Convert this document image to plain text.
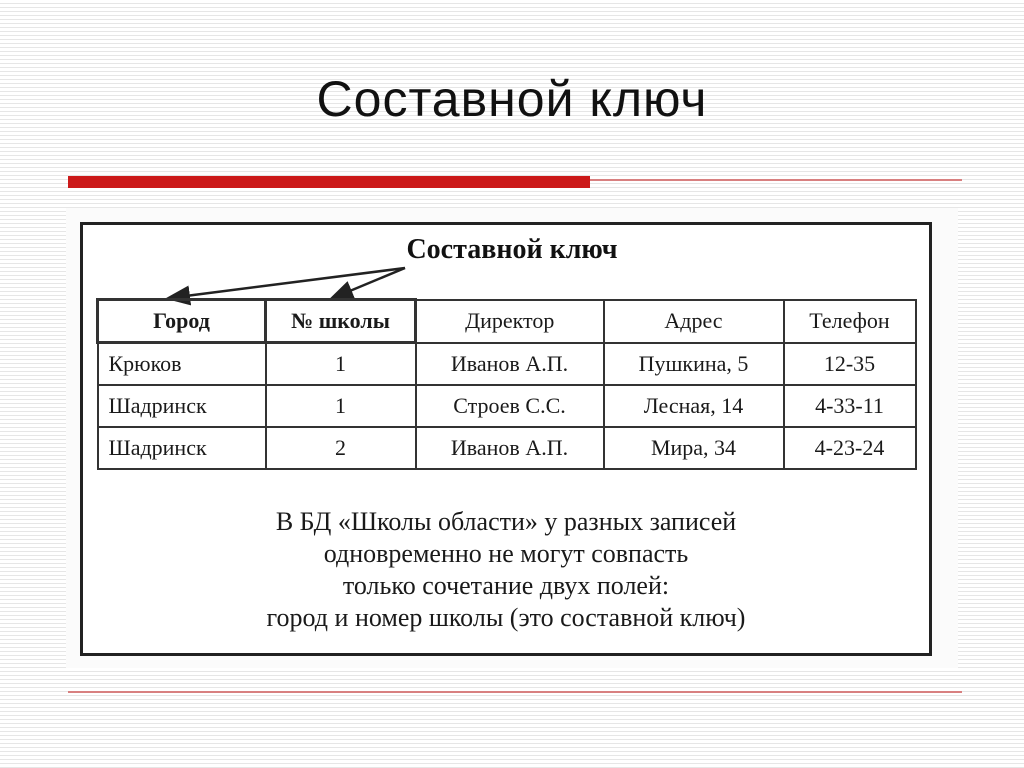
Составной ключ
Составной ключ
Город	№ школы	Директор	Адрес	Телефон
Крюков	1	Иванов А.П.	Пушкина, 5	12-35
Шадринск	1	Строев С.С.	Лесная, 14	4-33-11
Шадринск	2	Иванов А.П.	Мира, 34	4-23-24
В БД «Школы области» у разных записей
одновременно не могут совпасть
только сочетание двух полей:
город и номер школы (это составной ключ)
